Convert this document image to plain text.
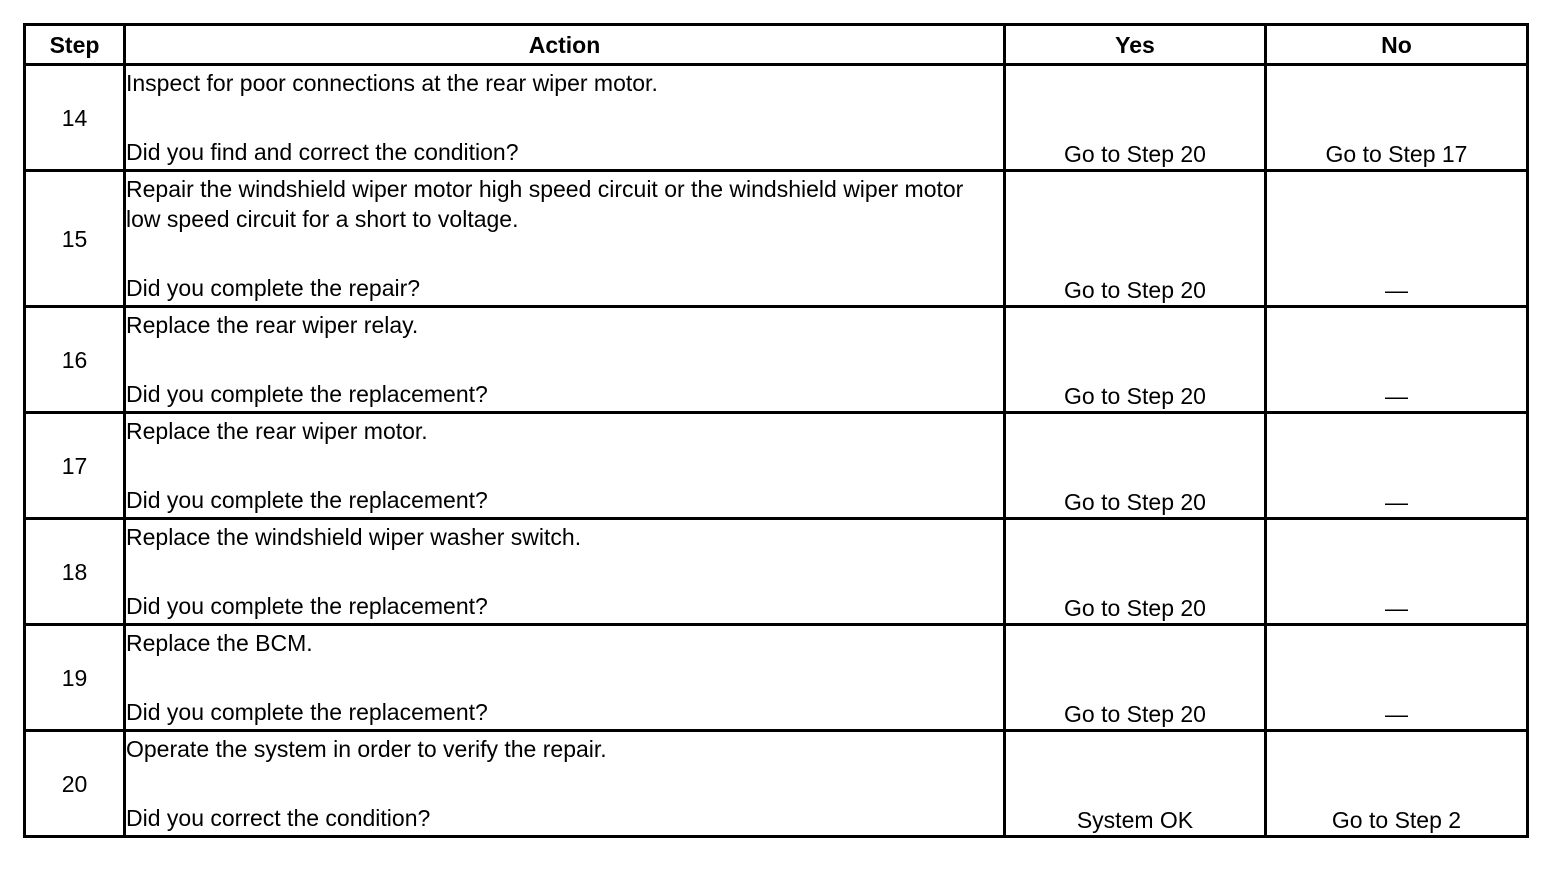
Step	Action	Yes	No
14	Inspect for poor connections at the rear wiper motor.
Did you find and correct the condition?	Go to Step 20	Go to Step 17
15	Repair the windshield wiper motor high speed circuit or the windshield wiper motor low speed circuit for a short to voltage.
Did you complete the repair?	Go to Step 20	—
16	Replace the rear wiper relay.
Did you complete the replacement?	Go to Step 20	—
17	Replace the rear wiper motor.
Did you complete the replacement?	Go to Step 20	—
18	Replace the windshield wiper washer switch.
Did you complete the replacement?	Go to Step 20	—
19	Replace the BCM.
Did you complete the replacement?	Go to Step 20	—
20	Operate the system in order to verify the repair.
Did you correct the condition?	System OK	Go to Step 2
